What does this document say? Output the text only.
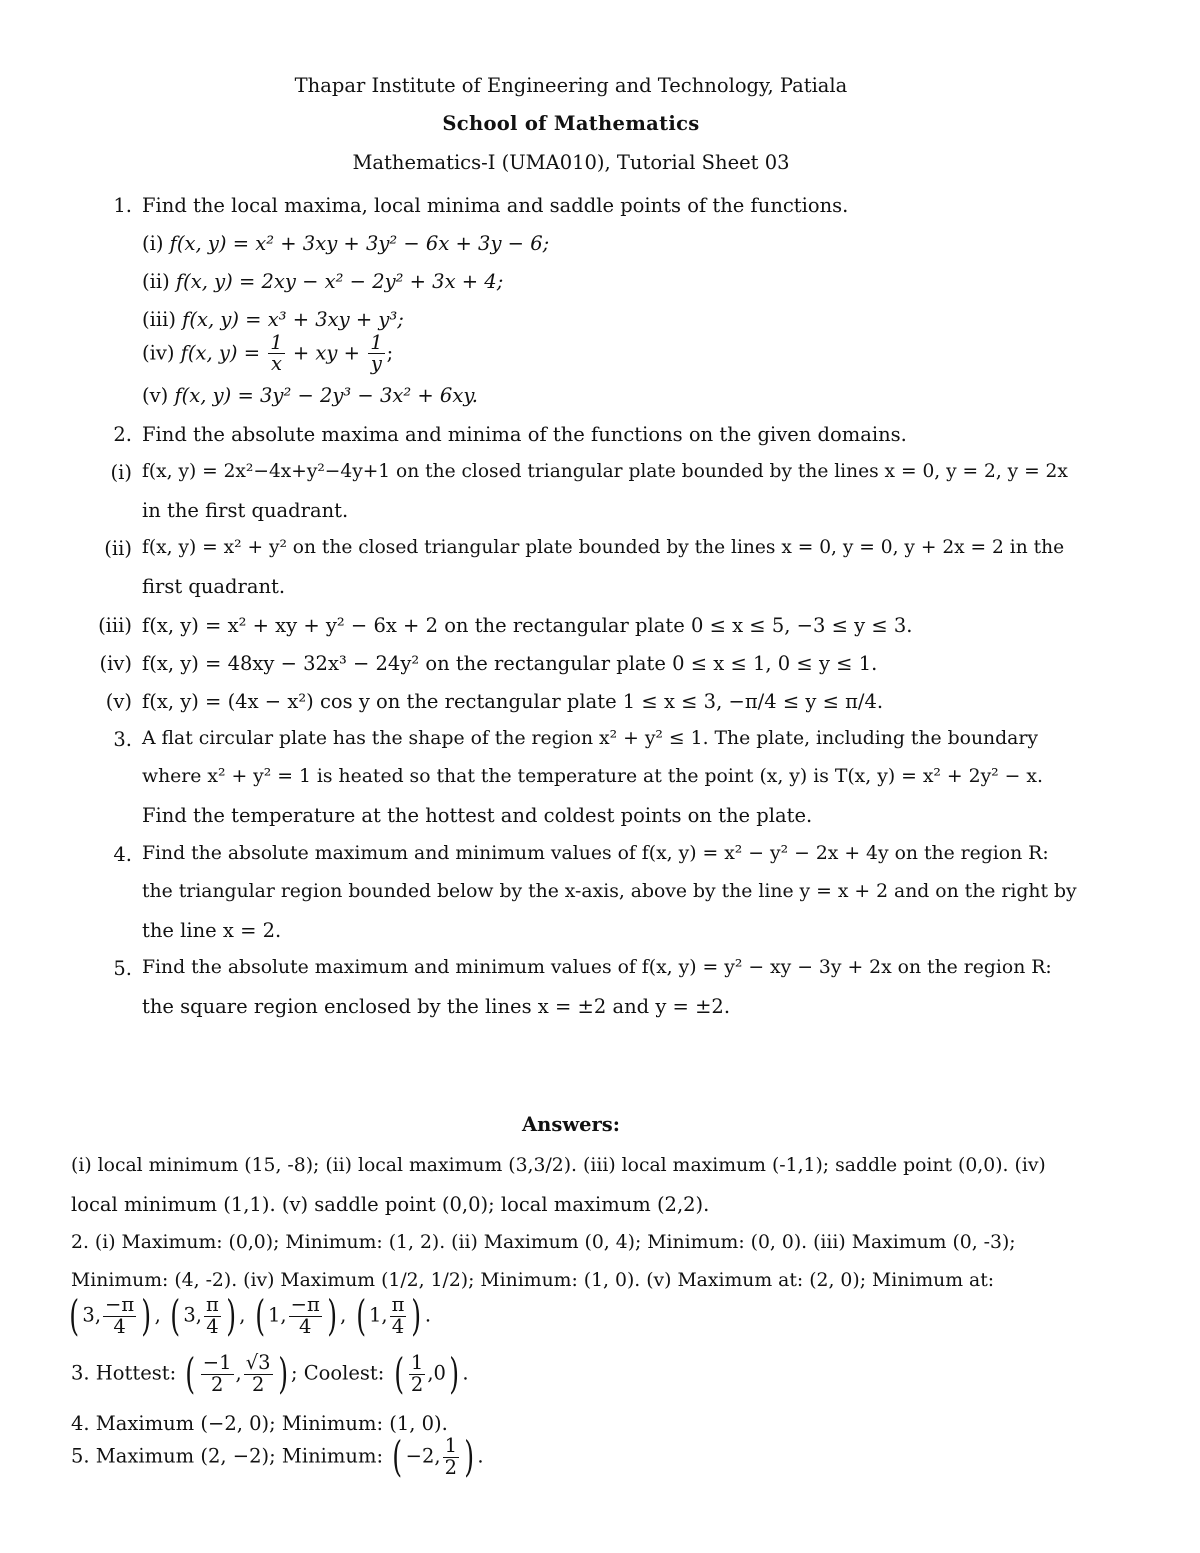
Thapar Institute of Engineering and Technology, Patiala
School of Mathematics
Mathematics-I (UMA010), Tutorial Sheet 03
1. Find the local maxima, local minima and saddle points of the functions.
(i) f(x, y) = x² + 3xy + 3y² − 6x + 3y − 6;
(ii) f(x, y) = 2xy − x² − 2y² + 3x + 4;
(iii) f(x, y) = x³ + 3xy + y³;
(iv) f(x, $y) = \frac{1}{x}$ + xy + $\frac{1}{y}$ ;
(v) f(x, y) = 3y² − 2y³ − 3x² + 6xy.
2. Find the absolute maxima and minima of the functions on the given domains.
(i) f(x, y) = 2x²−4x+y²−4y+1 on the closed triangular plate bounded by the lines x = 0, y = 2, y = 2x
in the first quadrant.
(ii) f(x, y) = x² + y² on the closed triangular plate bounded by the lines x = 0, y = 0, y + 2x = 2 in the
first quadrant.
(iii) f(x, y) = x² + xy + y² − 6x + 2 on the rectangular plate 0 ≤ x ≤ 5, −3 ≤ y ≤ 3.
(iv) f(x, y) = 48xy − 32x³ − 24y² on the rectangular plate 0 ≤ x ≤ 1, 0 ≤ y ≤ 1.
(v) f(x, y) = (4x − x²) cos y on the rectangular plate 1 ≤ x ≤ 3, −π/4 ≤ y ≤ π/4.
3. A flat circular plate has the shape of the region x² + y² ≤ 1. The plate, including the boundary
where x² + y² = 1 is heated so that the temperature at the point (x, y) is T(x, y) = x² + 2y² − x.
Find the temperature at the hottest and coldest points on the plate.
4. Find the absolute maximum and minimum values of f(x, y) = x² − y² − 2x + 4y on the region R:
the triangular region bounded below by the x-axis, above by the line y = x + 2 and on the right by
the line x = 2.
5. Find the absolute maximum and minimum values of f(x, y) = y² − xy − 3y + 2x on the region R:
the square region enclosed by the lines x = ±2 and y = ±2.
Answers:
(i) local minimum (15, -8); (ii) local maximum (3,3/2). (iii) local maximum (-1,1); saddle point (0,0). (iv)
local minimum (1,1). (v) saddle point (0,0); local maximum (2,2).
2. (i) Maximum: (0,0); Minimum: (1, 2). (ii) Maximum (0, 4); Minimum: (0, 0). (iii) Maximum (0, -3);
Minimum: (4, -2). (iv) Maximum (1/2, 1/2); Minimum: (1, 0). (v) Maximum at: (2, 0); Minimum at:
( 3, $\frac{-\pi}{4}$ ) , ( 3, $\frac{\pi}{4}$ ) , ( 1, $\frac{-\pi}{4}$ ) , ( 1, $\frac{\pi}{4}$ ) .
3. Hottest: ( $\frac{-1}{2}$ , $\frac{√3}{2}$ ) ; Coolest: ( $\frac{1}{2} ,0$) .
4. Maximum (−2, 0); Minimum: (1, 0).
5. Maximum (2, −2); Minimum: ( −2, $\frac{1}{2}$ ) .
